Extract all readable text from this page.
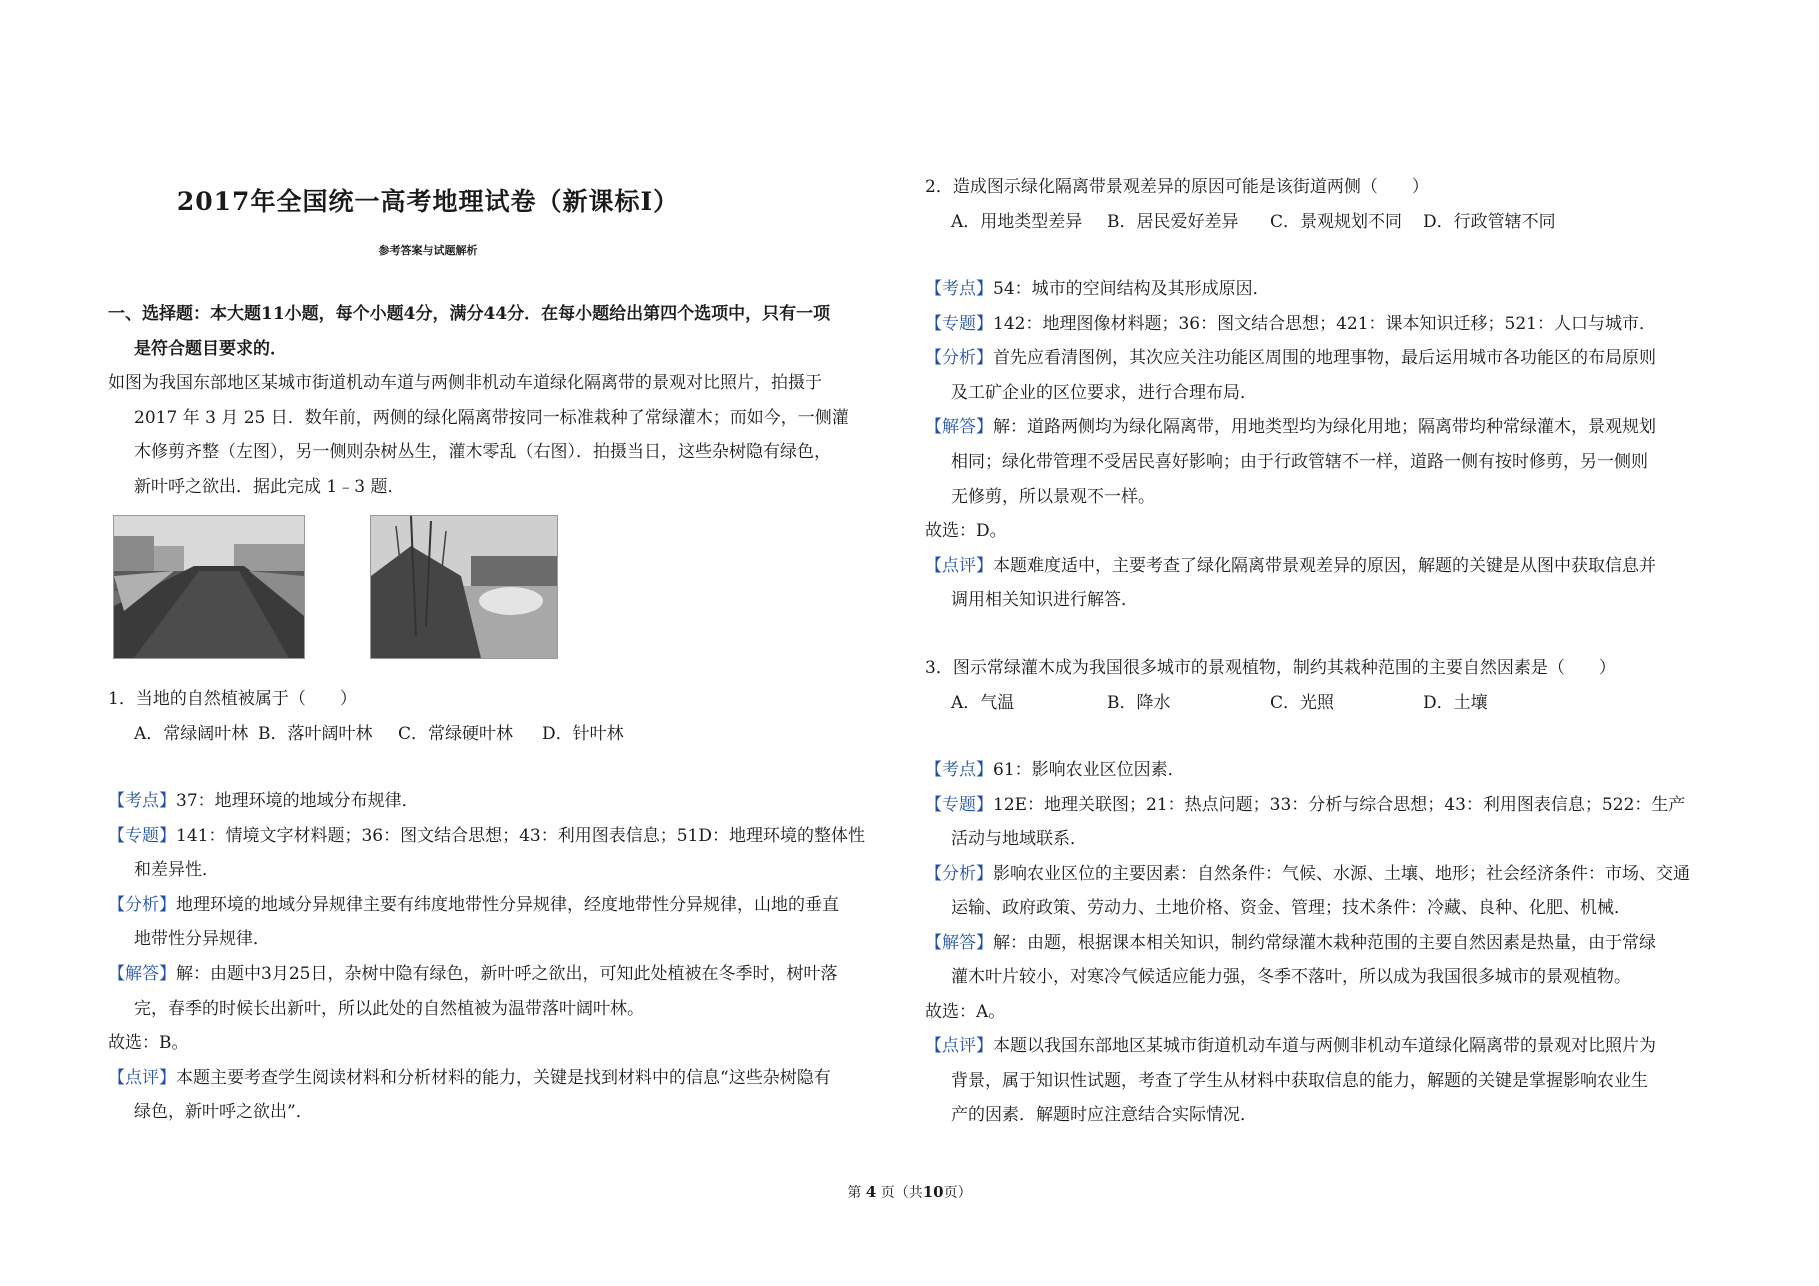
2017年全国统一高考地理试卷（新课标Ⅰ）
参考答案与试题解析
一、选择题：本大题11小题，每个小题4分，满分44分．在每小题给出第四个选项中，只有一项
是符合题目要求的．
如图为我国东部地区某城市街道机动车道与两侧非机动车道绿化隔离带的景观对比照片，拍摄于
2017 年 3 月 25 日．数年前，两侧的绿化隔离带按同一标准栽种了常绿灌木；而如今，一侧灌
木修剪齐整（左图），另一侧则杂树丛生，灌木零乱（右图）．拍摄当日，这些杂树隐有绿色，
新叶呼之欲出．据此完成 1﹣3 题．
1．当地的自然植被属于（　　）
A．常绿阔叶林 B．落叶阔叶林 C．常绿硬叶林 D．针叶林
【考点】37：地理环境的地域分布规律．
【专题】141：情境文字材料题；36：图文结合思想；43：利用图表信息；51D：地理环境的整体性
和差异性．
【分析】地理环境的地域分异规律主要有纬度地带性分异规律，经度地带性分异规律，山地的垂直
地带性分异规律．
【解答】解：由题中3月25日，杂树中隐有绿色，新叶呼之欲出，可知此处植被在冬季时，树叶落
完，春季的时候长出新叶，所以此处的自然植被为温带落叶阔叶林。
故选：B。
【点评】本题主要考查学生阅读材料和分析材料的能力，关键是找到材料中的信息“这些杂树隐有
绿色，新叶呼之欲出”．
2．造成图示绿化隔离带景观差异的原因可能是该街道两侧（　　）
A．用地类型差异 B．居民爱好差异 C．景观规划不同 D．行政管辖不同
【考点】54：城市的空间结构及其形成原因．
【专题】142：地理图像材料题；36：图文结合思想；421：课本知识迁移；521：人口与城市．
【分析】首先应看清图例，其次应关注功能区周围的地理事物，最后运用城市各功能区的布局原则
及工矿企业的区位要求，进行合理布局．
【解答】解：道路两侧均为绿化隔离带，用地类型均为绿化用地；隔离带均种常绿灌木，景观规划
相同；绿化带管理不受居民喜好影响；由于行政管辖不一样，道路一侧有按时修剪，另一侧则
无修剪，所以景观不一样。
故选：D。
【点评】本题难度适中，主要考查了绿化隔离带景观差异的原因，解题的关键是从图中获取信息并
调用相关知识进行解答．
3．图示常绿灌木成为我国很多城市的景观植物，制约其栽种范围的主要自然因素是（　　）
A．气温	B．降水	C．光照	D．土壤
【考点】61：影响农业区位因素．
【专题】12E：地理关联图；21：热点问题；33：分析与综合思想；43：利用图表信息；522：生产
活动与地域联系．
【分析】影响农业区位的主要因素：自然条件：气候、水源、土壤、地形；社会经济条件：市场、交通
运输、政府政策、劳动力、土地价格、资金、管理；技术条件：冷藏、良种、化肥、机械．
【解答】解：由题，根据课本相关知识，制约常绿灌木栽种范围的主要自然因素是热量，由于常绿
灌木叶片较小，对寒冷气候适应能力强，冬季不落叶，所以成为我国很多城市的景观植物。
故选：A。
【点评】本题以我国东部地区某城市街道机动车道与两侧非机动车道绿化隔离带的景观对比照片为
背景，属于知识性试题，考查了学生从材料中获取信息的能力，解题的关键是掌握影响农业生
产的因素．解题时应注意结合实际情况．
第 4 页（共10页）
